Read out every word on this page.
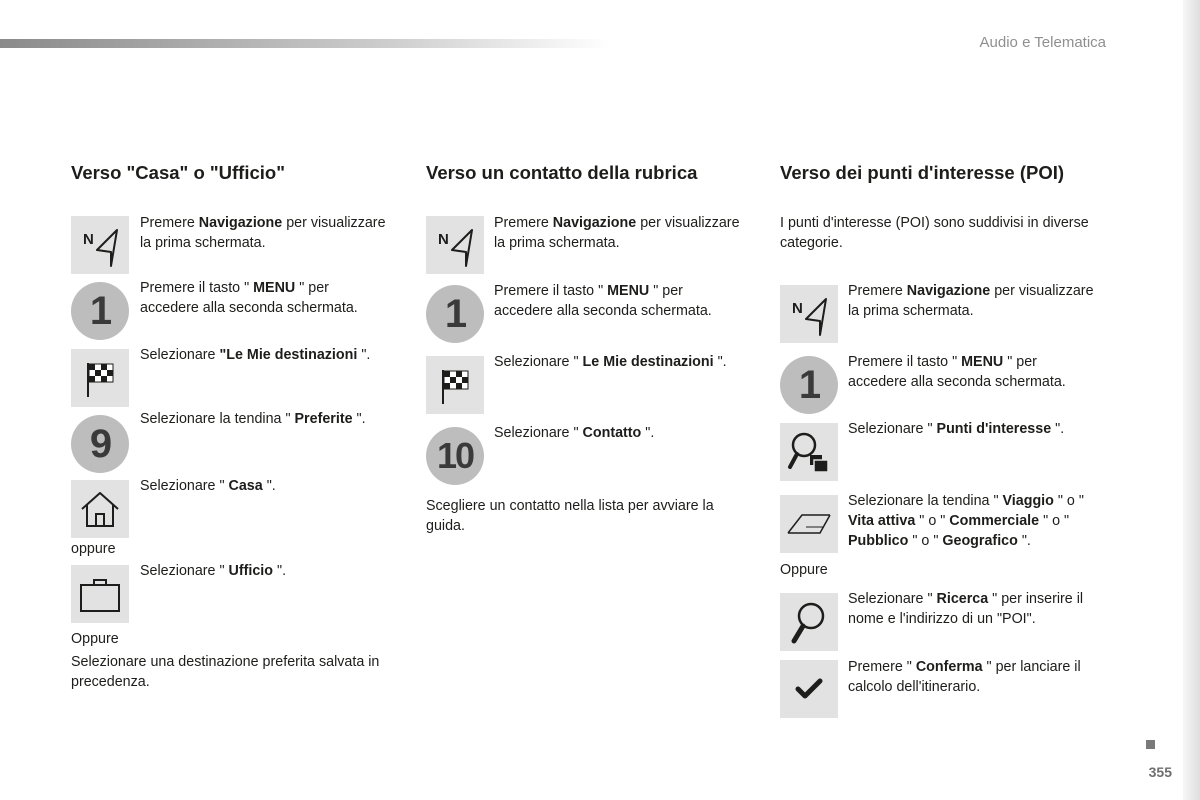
Audio e Telematica
Verso "Casa" o "Ufficio"
N

Premere Navigazione per visualizzare la prima schermata.

1

Premere il tasto " MENU " per accedere alla seconda schermata.

Selezionare "Le Mie destinazioni ".

9

Selezionare la tendina " Preferite ".

Selezionare " Casa ".

oppure

Selezionare " Ufficio ".

Oppure

Selezionare una destinazione preferita salvata in precedenza.

Verso un contatto della rubrica
N

Premere Navigazione per visualizzare la prima schermata.

1

Premere il tasto " MENU " per accedere alla seconda schermata.

Selezionare " Le Mie destinazioni ".

10

Selezionare " Contatto ".

Scegliere un contatto nella lista per avviare la guida.

Verso dei punti d'interesse (POI)

I punti d'interesse (POI) sono suddivisi in diverse categorie.

N

Premere Navigazione per visualizzare la prima schermata.

1

Premere il tasto " MENU " per accedere alla seconda schermata.

Selezionare " Punti d'interesse ".

Selezionare la tendina " Viaggio " o " Vita attiva " o " Commerciale " o " Pubblico " o " Geografico ".

Oppure

Selezionare " Ricerca " per inserire il nome e l'indirizzo di un "POI".

Premere " Conferma " per lanciare il calcolo dell'itinerario.

355
